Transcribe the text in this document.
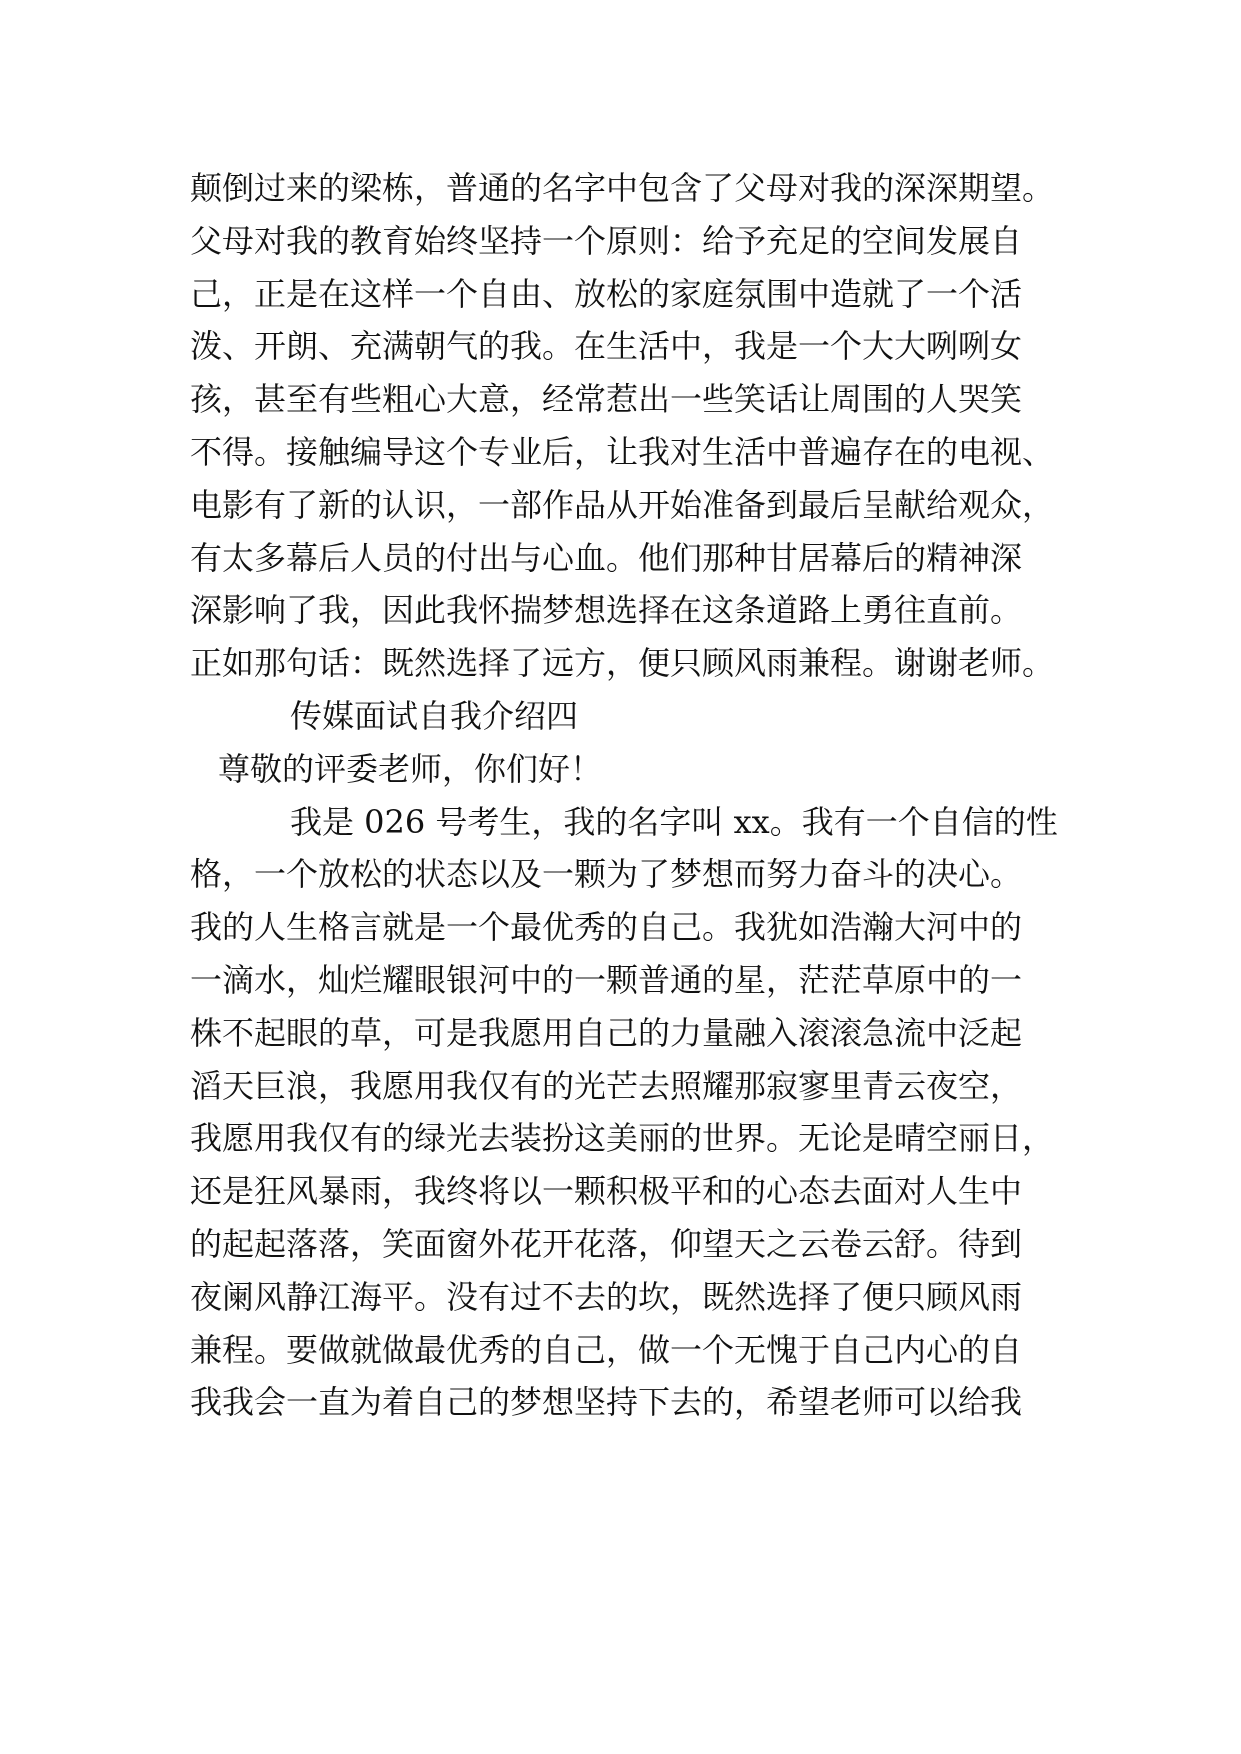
颠倒过来的梁栋，普通的名字中包含了父母对我的深深期望。
父母对我的教育始终坚持一个原则：给予充足的空间发展自
己，正是在这样一个自由、放松的家庭氛围中造就了一个活
泼、开朗、充满朝气的我。在生活中，我是一个大大咧咧女
孩，甚至有些粗心大意，经常惹出一些笑话让周围的人哭笑
不得。接触编导这个专业后，让我对生活中普遍存在的电视、
电影有了新的认识，一部作品从开始准备到最后呈献给观众，
有太多幕后人员的付出与心血。他们那种甘居幕后的精神深
深影响了我，因此我怀揣梦想选择在这条道路上勇往直前。
正如那句话：既然选择了远方，便只顾风雨兼程。谢谢老师。
传媒面试自我介绍四
尊敬的评委老师，你们好！
我是 026 号考生，我的名字叫 xx。我有一个自信的性
格，一个放松的状态以及一颗为了梦想而努力奋斗的决心。
我的人生格言就是一个最优秀的自己。我犹如浩瀚大河中的
一滴水，灿烂耀眼银河中的一颗普通的星，茫茫草原中的一
株不起眼的草，可是我愿用自己的力量融入滚滚急流中泛起
滔天巨浪，我愿用我仅有的光芒去照耀那寂寥里青云夜空，
我愿用我仅有的绿光去装扮这美丽的世界。无论是晴空丽日，
还是狂风暴雨，我终将以一颗积极平和的心态去面对人生中
的起起落落，笑面窗外花开花落，仰望天之云卷云舒。待到
夜阑风静江海平。没有过不去的坎，既然选择了便只顾风雨
兼程。要做就做最优秀的自己，做一个无愧于自己内心的自
我我会一直为着自己的梦想坚持下去的，希望老师可以给我
